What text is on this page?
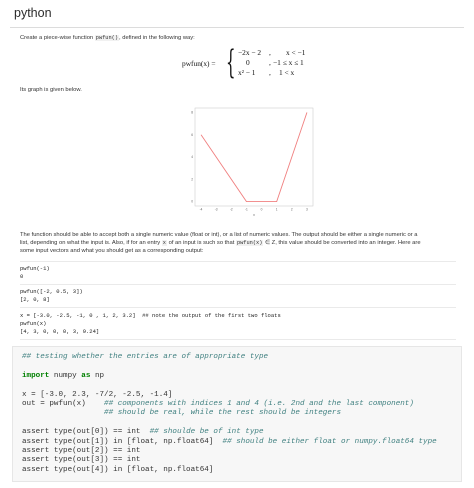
python
Create a piece-wise function pwfun(), defined in the following way:
pwfun(x) = { −2x − 2 , x < −1
0	, −1 ≤ x ≤ 1
x² − 1 , 1 < x
Its graph is given below.
-4	-3	-2	-1	0	1	2	3
0
2
4
6
8
x
The function should be able to accept both a single numeric value (float or int), or a list of numeric values. The output should be either a single numeric or a
list, depending on what the input is. Also, if for an entry x of an input is such so that pwfun(x) ∈ Z, this value should be converted into an integer. Here are
some input vectors and what you should get as a corresponding output:
pwfun(-1)
0
pwfun([-2, 0.5, 3])
[2, 0, 8]
x = [-3.0, -2.5, -1, 0 , 1, 2, 3.2]  ## note the output of the first two floats
pwfun(x)
[4, 3, 0, 0, 0, 3, 9.24]
## testing whether the entries are of appropriate type

import numpy as np

x = [-3.0, 2.3, -7/2, -2.5, -1.4]
out = pwfun(x) ## components with indices 1 and 4 (i.e. 2nd and the last component)
## should be real, while the rest should be integers

assert type(out[0]) == int ## shoulde be of int type
assert type(out[1]) in [float, np.float64] ## should be either float or numpy.float64 type
assert type(out[2]) == int
assert type(out[3]) == int
assert type(out[4]) in [float, np.float64]
